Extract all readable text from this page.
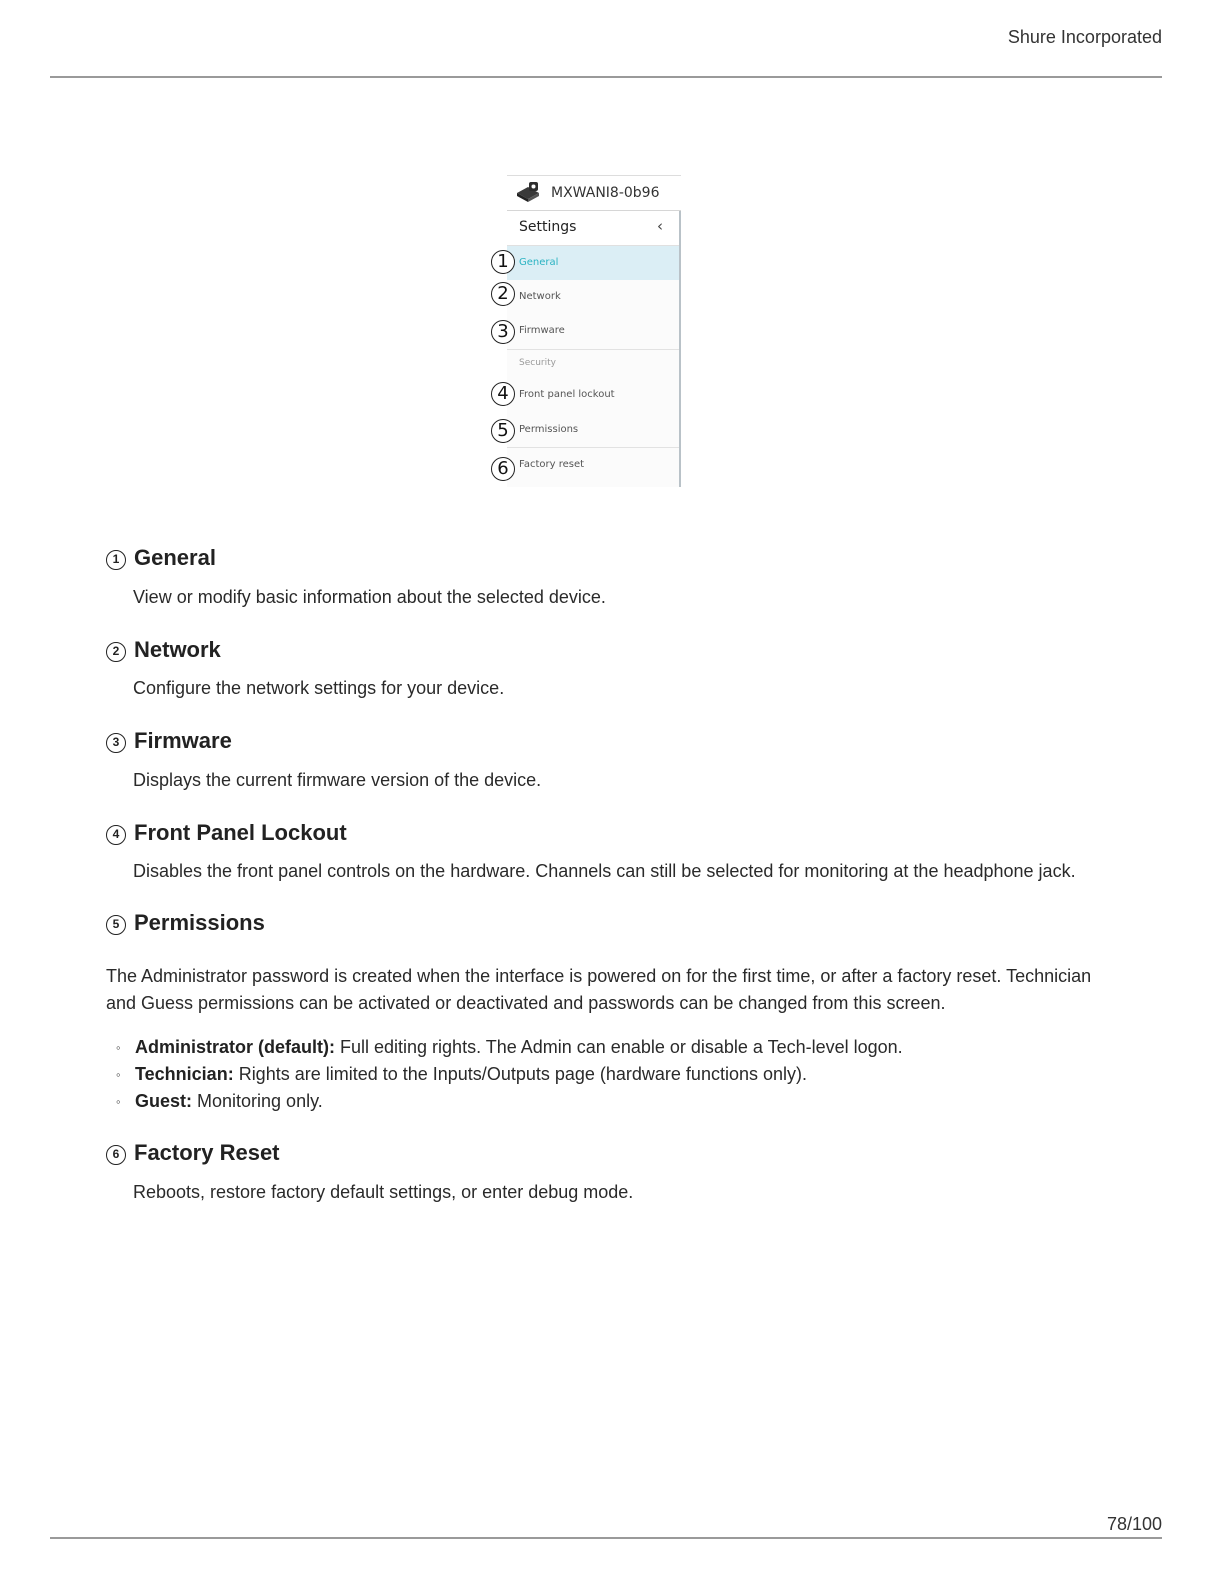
Shure Incorporated
MXWANI8-0b96
Settings	‹
General
Network
Firmware
Security
Front panel lockout
Permissions
Factory reset
1
2
3
4
5
6
1 General
View or modify basic information about the selected device.
2 Network
Configure the network settings for your device.
3 Firmware
Displays the current firmware version of the device.
4 Front Panel Lockout
Disables the front panel controls on the hardware. Channels can still be selected for monitoring at the headphone jack.
5 Permissions
The Administrator password is created when the interface is powered on for the first time, or after a factory reset. Technician and Guess permissions can be activated or deactivated and passwords can be changed from this screen.
◦ Administrator (default): Full editing rights. The Admin can enable or disable a Tech-level logon.
◦ Technician: Rights are limited to the Inputs/Outputs page (hardware functions only).
◦ Guest: Monitoring only.
6 Factory Reset
Reboots, restore factory default settings, or enter debug mode.
78/100
